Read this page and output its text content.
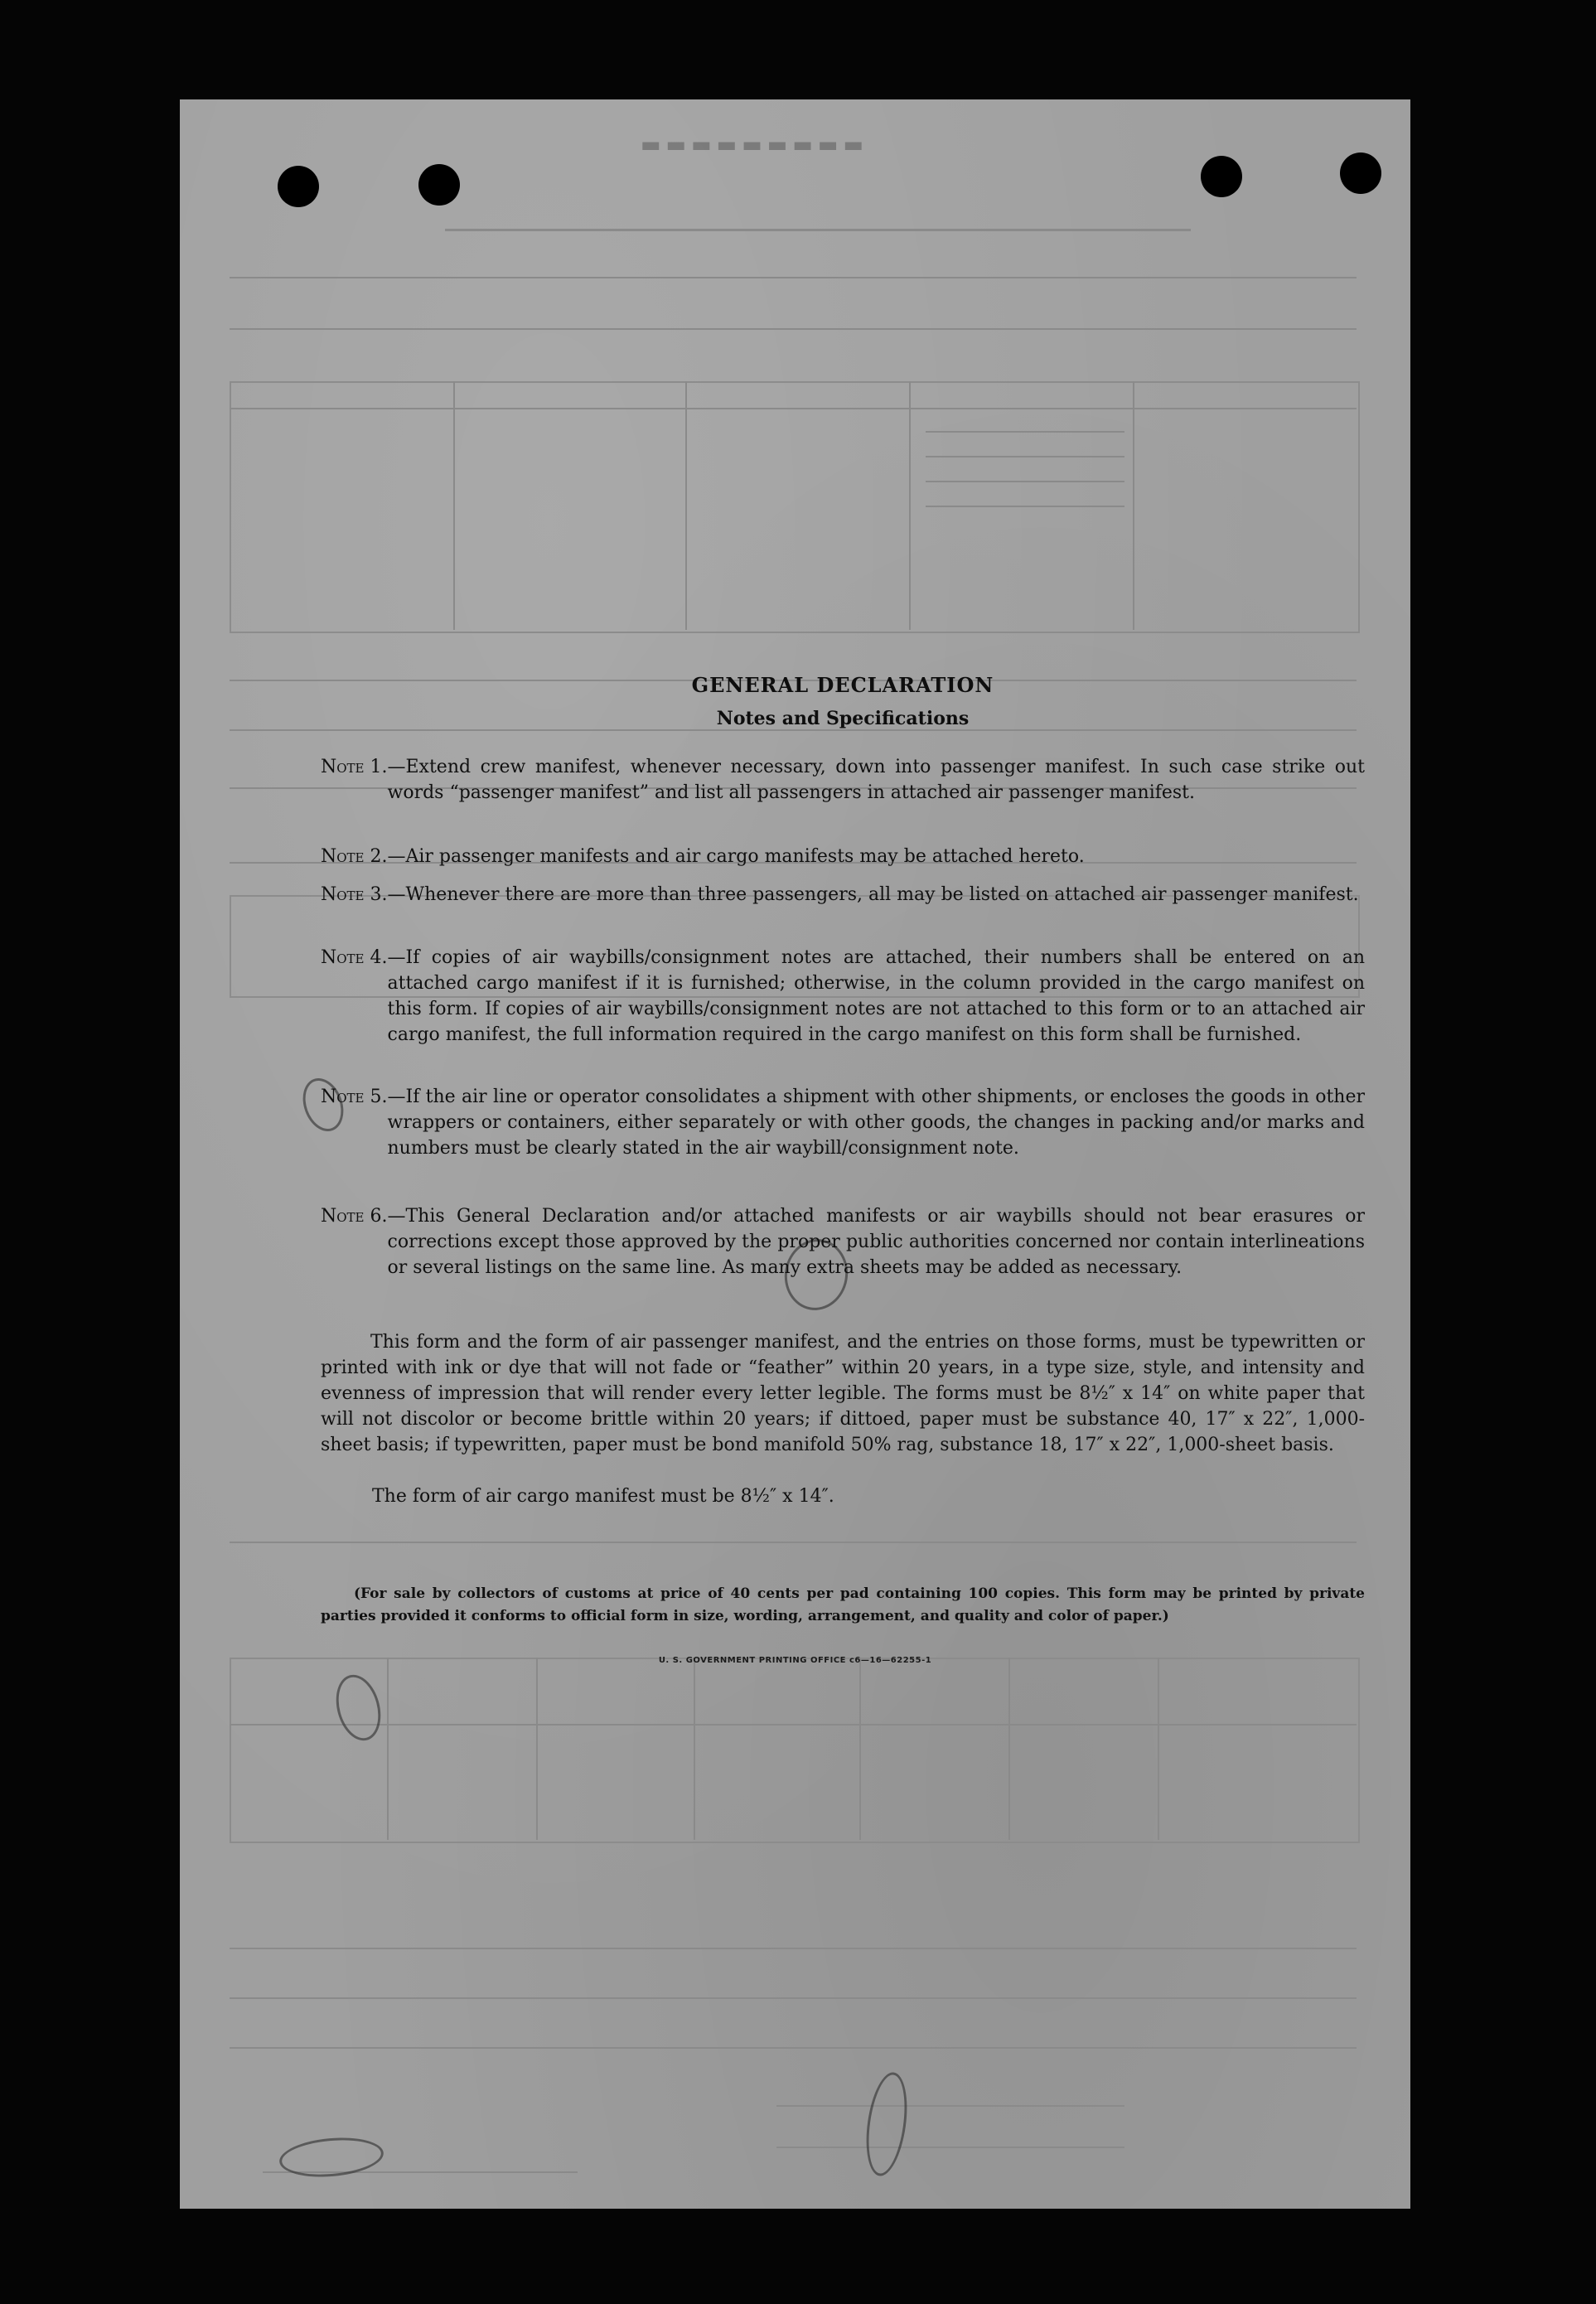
▬▬▬▬▬▬▬▬▬
GENERAL DECLARATION
Notes and Specifications
Note 1. —Extend crew manifest, whenever necessary, down into passenger manifest. In such case strike out words “passenger manifest” and list all passengers in attached air passenger manifest.
Note 2. —Air passenger manifests and air cargo manifests may be attached hereto.
Note 3. —Whenever there are more than three passengers, all may be listed on attached air passenger manifest.
Note 4. —If copies of air waybills/consignment notes are attached, their numbers shall be entered on an attached cargo manifest if it is furnished; otherwise, in the column provided in the cargo manifest on this form. If copies of air waybills/consignment notes are not attached to this form or to an attached air cargo manifest, the full information required in the cargo manifest on this form shall be furnished.
Note 5. —If the air line or operator consolidates a shipment with other shipments, or encloses the goods in other wrappers or containers, either separately or with other goods, the changes in packing and/or marks and numbers must be clearly stated in the air waybill/consignment note.
Note 6. —This General Declaration and/or attached manifests or air waybills should not bear erasures or corrections except those approved by the proper public authorities concerned nor contain interlineations or several listings on the same line. As many extra sheets may be added as necessary.
This form and the form of air passenger manifest, and the entries on those forms, must be typewritten or printed with ink or dye that will not fade or “feather” within 20 years, in a type size, style, and intensity and evenness of impression that will render every letter legible. The forms must be 8½″ x 14″ on white paper that will not discolor or become brittle within 20 years; if dittoed, paper must be substance 40, 17″ x 22″, 1,000-sheet basis; if typewritten, paper must be bond manifold 50% rag, substance 18, 17″ x 22″, 1,000-sheet basis.
The form of air cargo manifest must be 8½″ x 14″.
(For sale by collectors of customs at price of 40 cents per pad containing 100 copies. This form may be printed by private parties provided it conforms to official form in size, wording, arrangement, and quality and color of paper.)
U. S. GOVERNMENT PRINTING OFFICE c6—16—62255-1
